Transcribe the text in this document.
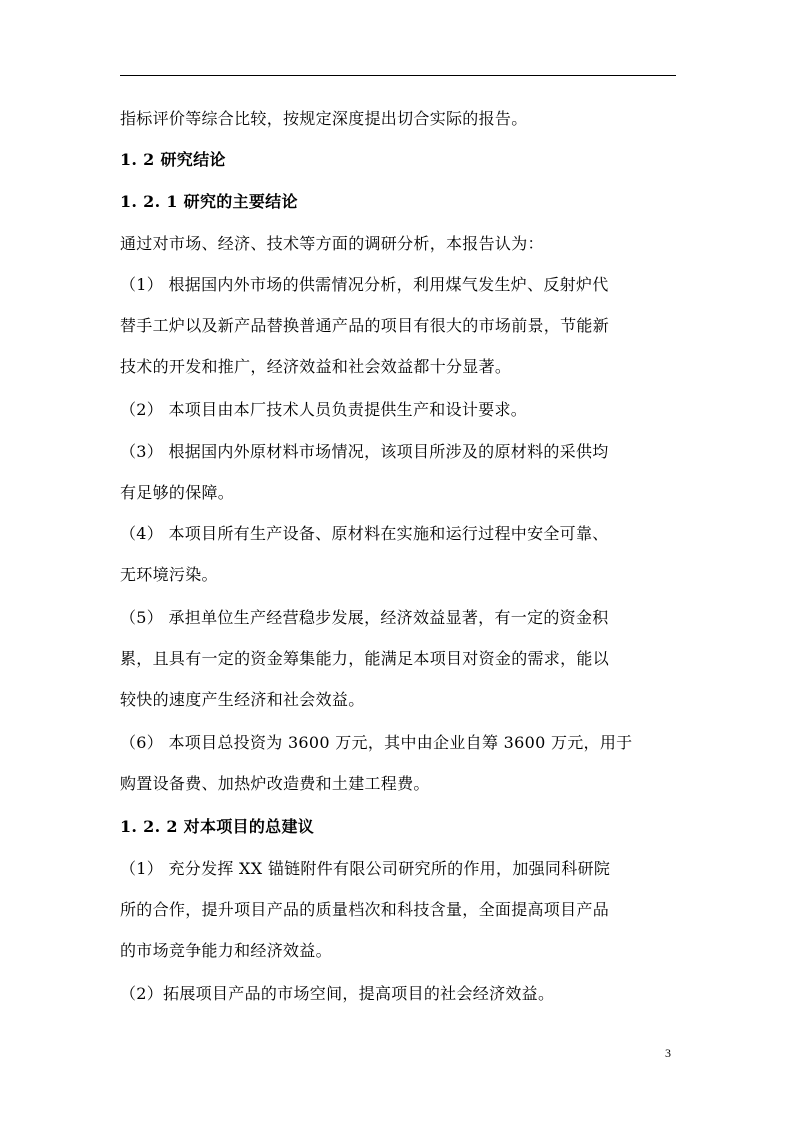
指标评价等综合比较，按规定深度提出切合实际的报告。
1. 2 研究结论
1. 2. 1 研究的主要结论
通过对市场、经济、技术等方面的调研分析，本报告认为：
（1） 根据国内外市场的供需情况分析，利用煤气发生炉、反射炉代
替手工炉以及新产品替换普通产品的项目有很大的市场前景，节能新
技术的开发和推广，经济效益和社会效益都十分显著。
（2） 本项目由本厂技术人员负责提供生产和设计要求。
（3） 根据国内外原材料市场情况，该项目所涉及的原材料的采供均
有足够的保障。
（4） 本项目所有生产设备、原材料在实施和运行过程中安全可靠、
无环境污染。
（5） 承担单位生产经营稳步发展，经济效益显著，有一定的资金积
累，且具有一定的资金筹集能力，能满足本项目对资金的需求，能以
较快的速度产生经济和社会效益。
（6） 本项目总投资为 3600 万元，其中由企业自筹 3600 万元，用于
购置设备费、加热炉改造费和土建工程费。
1. 2. 2 对本项目的总建议
（1） 充分发挥 XX 锚链附件有限公司研究所的作用，加强同科研院
所的合作，提升项目产品的质量档次和科技含量，全面提高项目产品
的市场竞争能力和经济效益。
（2）拓展项目产品的市场空间，提高项目的社会经济效益。
3
